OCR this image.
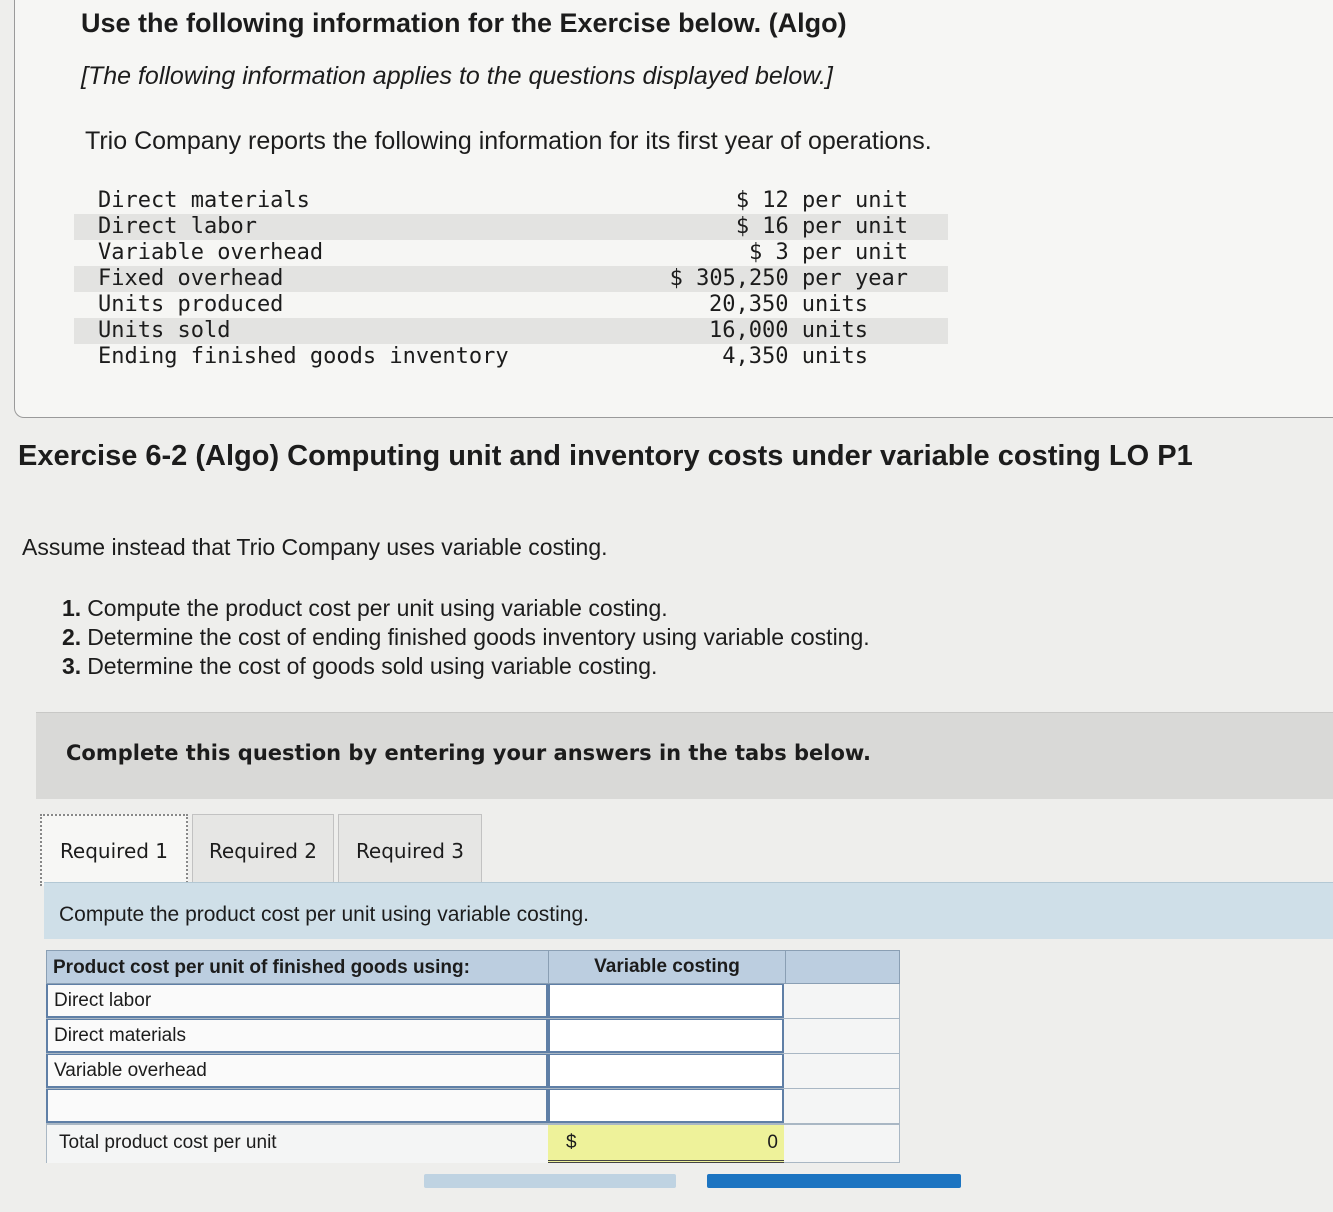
Use the following information for the Exercise below. (Algo)

[The following information applies to the questions displayed below.]

Trio Company reports the following information for its first year of operations.

Direct materials	$ 12 per unit
Direct labor	$ 16 per unit
Variable overhead	$ 3 per unit
Fixed overhead	$ 305,250 per year
Units produced	20,350 units
Units sold	16,000 units
Ending finished goods inventory	4,350 units
Exercise 6-2 (Algo) Computing unit and inventory costs under variable costing LO P1

Assume instead that Trio Company uses variable costing.

1. Compute the product cost per unit using variable costing.
2. Determine the cost of ending finished goods inventory using variable costing.
3. Determine the cost of goods sold using variable costing.

Complete this question by entering your answers in the tabs below.

Required 1	Required 2	Required 3

Compute the product cost per unit using variable costing.

Product cost per unit of finished goods using:	Variable costing
Direct labor
Direct materials
Variable overhead
Total product cost per unit	$	0
